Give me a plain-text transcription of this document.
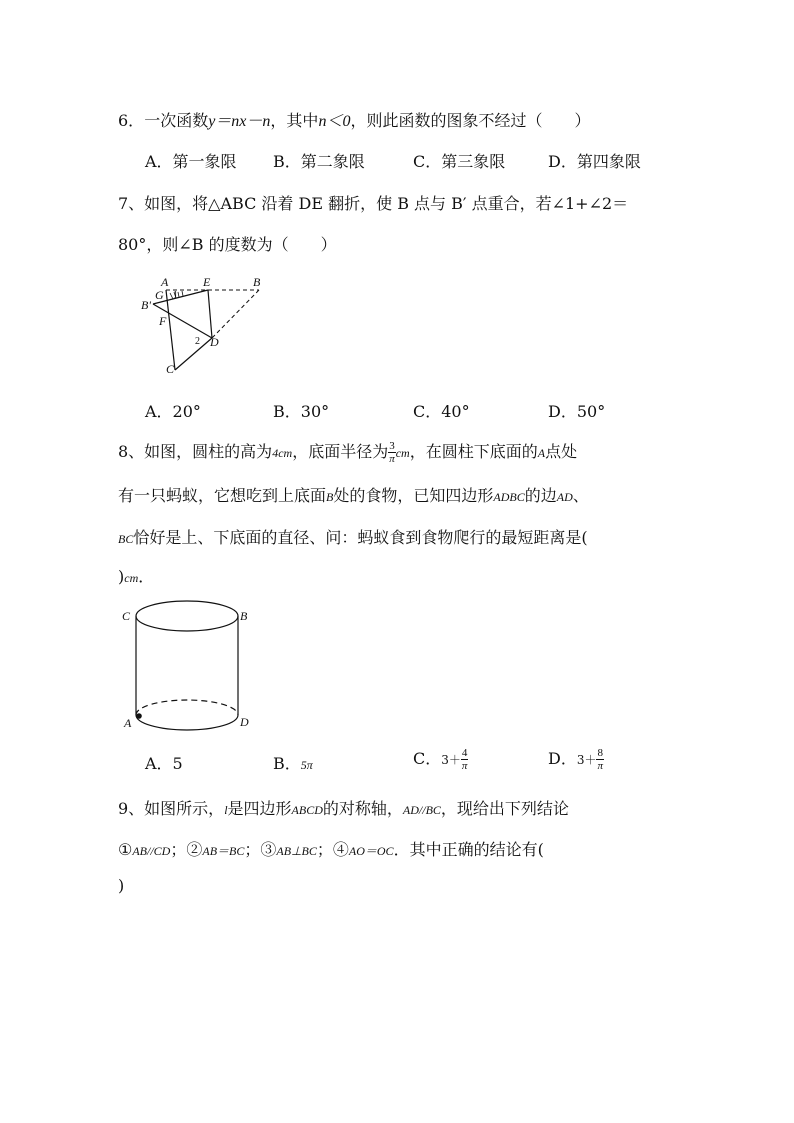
6．一次函数y＝nx－n，其中n＜0，则此函数的图象不经过（　　）
A．第一象限 B．第二象限	C．第三象限	D．第四象限
7、如图，将△ABC 沿着 DE 翻折，使 B 点与 B′ 点重合，若∠1+∠2＝
80°，则∠B 的度数为（　　）
A	E	B
G 1
B'
F
2 D
C
A．20°	B．30°	C．40°	D．50°
8、如图，圆柱的高为4cm，底面半径为 $\frac{3}{\pi}$ cm，在圆柱下底面的A点处
有一只蚂蚁，它想吃到上底面B处的食物，已知四边形ADBC的边AD、
BC恰好是上、下底面的直径、问：蚂蚁食到食物爬行的最短距离是(
)cm．
C	B
A	D
A．5	B．5π	C．$3+ \frac{4}{\pi}$	D．$3+ \frac{8}{\pi}$
9、如图所示，l是四边形ABCD的对称轴，AD//BC，现给出下列结论
①AB//CD；②AB＝BC；③AB⊥BC；④AO＝OC．其中正确的结论有(
)
